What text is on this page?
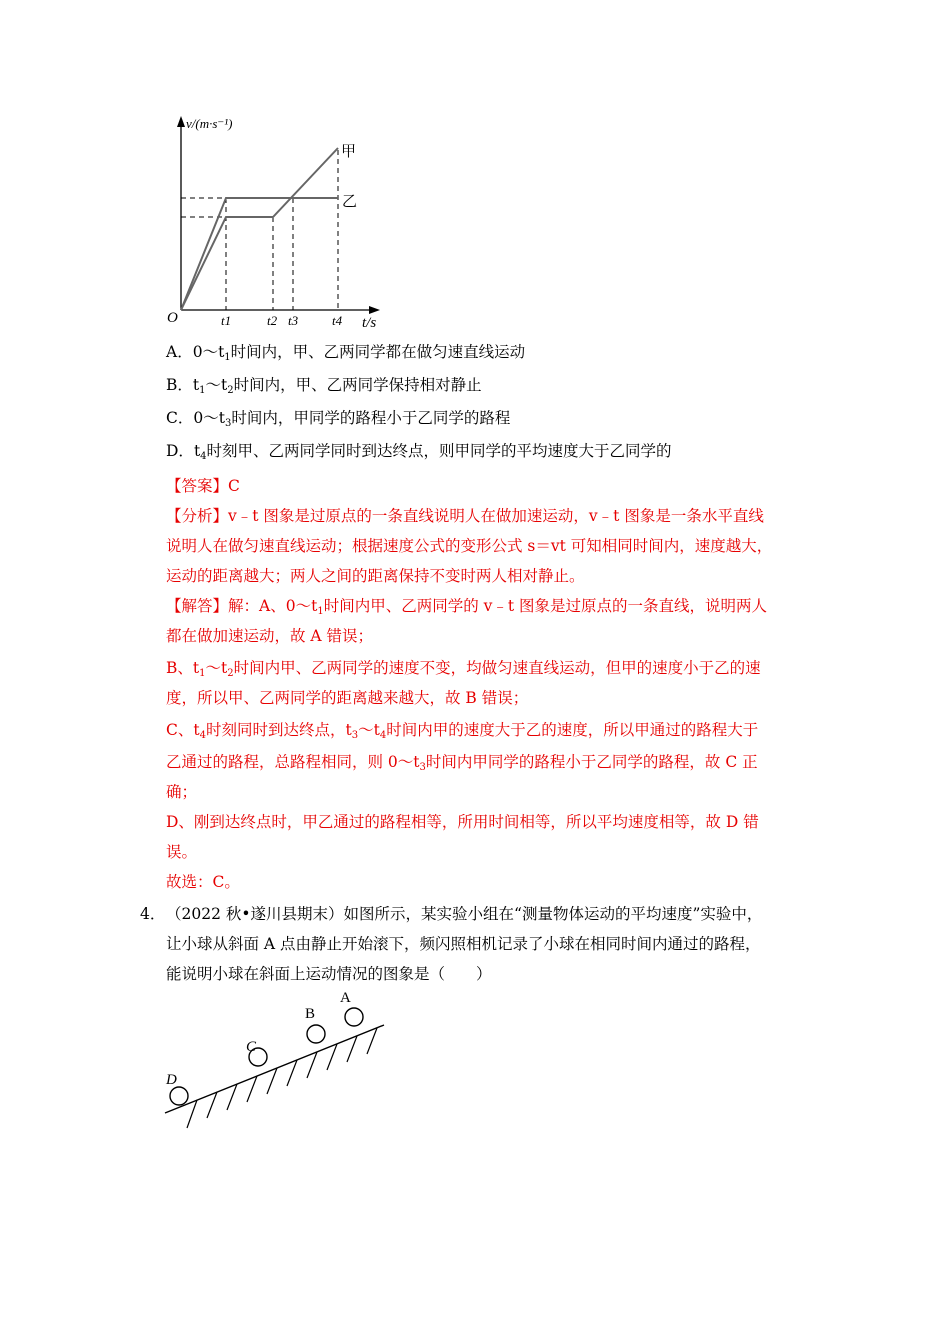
v/(m·s⁻¹)
t/s
O	t1	t2 t3	t4
甲
乙
A．$0\sim t_1$时间内，甲、乙两同学都在做匀速直线运动
B．$t_1\sim t_2$时间内，甲、乙两同学保持相对静止
C．$0\sim t_3$时间内，甲同学的路程小于乙同学的路程
D．$t_4$时刻甲、乙两同学同时到达终点，则甲同学的平均速度大于乙同学的
【答案】C
【分析】v﹣t 图象是过原点的一条直线说明人在做加速运动，v﹣t 图象是一条水平直线
说明人在做匀速直线运动；根据速度公式的变形公式 s＝vt 可知相同时间内，速度越大，
运动的距离越大；两人之间的距离保持不变时两人相对静止。
【解答】解：A、$0\sim t_1$时间内甲、乙两同学的 v﹣t 图象是过原点的一条直线，说明两人
都在做加速运动，故 A 错误；
B、$t_1\sim t_2$时间内甲、乙两同学的速度不变，均做匀速直线运动，但甲的速度小于乙的速
度，所以甲、乙两同学的距离越来越大，故 B 错误；
C、$t_4$时刻同时到达终点，$t_3\sim t_4$时间内甲的速度大于乙的速度，所以甲通过的路程大于
乙通过的路程，总路程相同，则 $0\sim t_3$时间内甲同学的路程小于乙同学的路程，故 C 正
确；
D、刚到达终点时，甲乙通过的路程相等，所用时间相等，所以平均速度相等，故 D 错
误。
故选：C。
4． （2022 秋•遂川县期末）如图所示，某实验小组在“测量物体运动的平均速度”实验中，
让小球从斜面 A 点由静止开始滚下，频闪照相机记录了小球在相同时间内通过的路程，
能说明小球在斜面上运动情况的图象是（　　）
A
B
C
D
